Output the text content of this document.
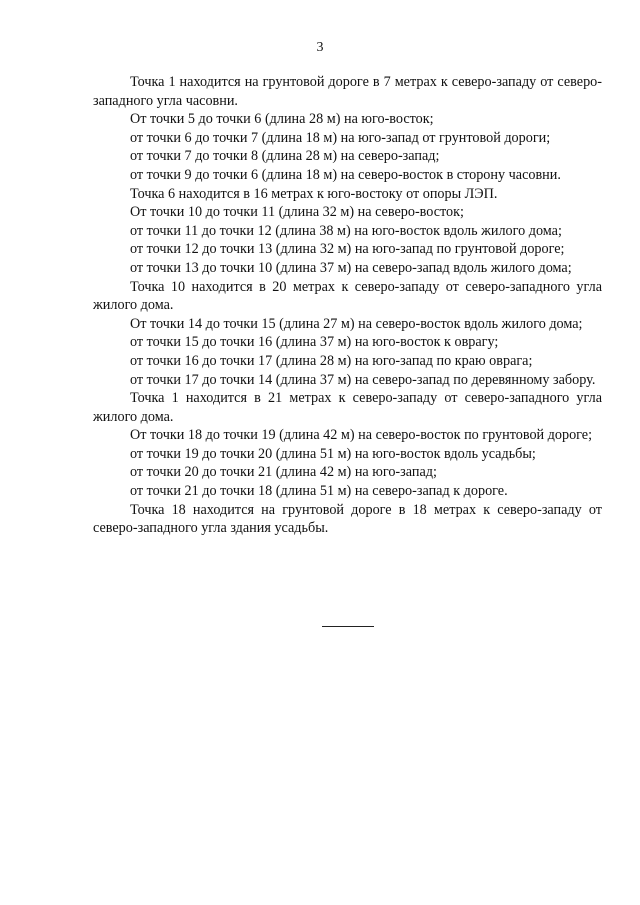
3

Точка 1 находится на грунтовой дороге в 7 метрах к северо-западу от северо-западного угла часовни.

От точки 5 до точки 6 (длина 28 м) на юго-восток;

от точки 6 до точки 7 (длина 18 м) на юго-запад от грунтовой дороги;

от точки 7 до точки 8 (длина 28 м) на северо-запад;

от точки 9 до точки 6 (длина 18 м) на северо-восток в сторону часовни.

Точка 6 находится в 16 метрах к юго-востоку от опоры ЛЭП.

От точки 10 до точки 11 (длина 32 м) на северо-восток;

от точки 11 до точки 12 (длина 38 м) на юго-восток вдоль жилого дома;

от точки 12 до точки 13 (длина 32 м) на юго-запад по грунтовой дороге;

от точки 13 до точки 10 (длина 37 м) на северо-запад вдоль жилого дома;

Точка 10 находится в 20 метрах к северо-западу от северо-западного угла жилого дома.

От точки 14 до точки 15 (длина 27 м) на северо-восток вдоль жилого дома;

от точки 15 до точки 16 (длина 37 м) на юго-восток к оврагу;

от точки 16 до точки 17 (длина 28 м) на юго-запад по краю оврага;

от точки 17 до точки 14 (длина 37 м) на северо-запад по деревянному забору.

Точка 1 находится в 21 метрах к северо-западу от северо-западного угла жилого дома.

От точки 18 до точки 19 (длина 42 м) на северо-восток по грунтовой дороге;

от точки 19 до точки 20 (длина 51 м) на юго-восток вдоль усадьбы;

от точки 20 до точки 21 (длина 42 м) на юго-запад;

от точки 21 до точки 18 (длина 51 м) на северо-запад к дороге.

Точка 18 находится на грунтовой дороге в 18 метрах к северо-западу от северо-западного угла здания усадьбы.
